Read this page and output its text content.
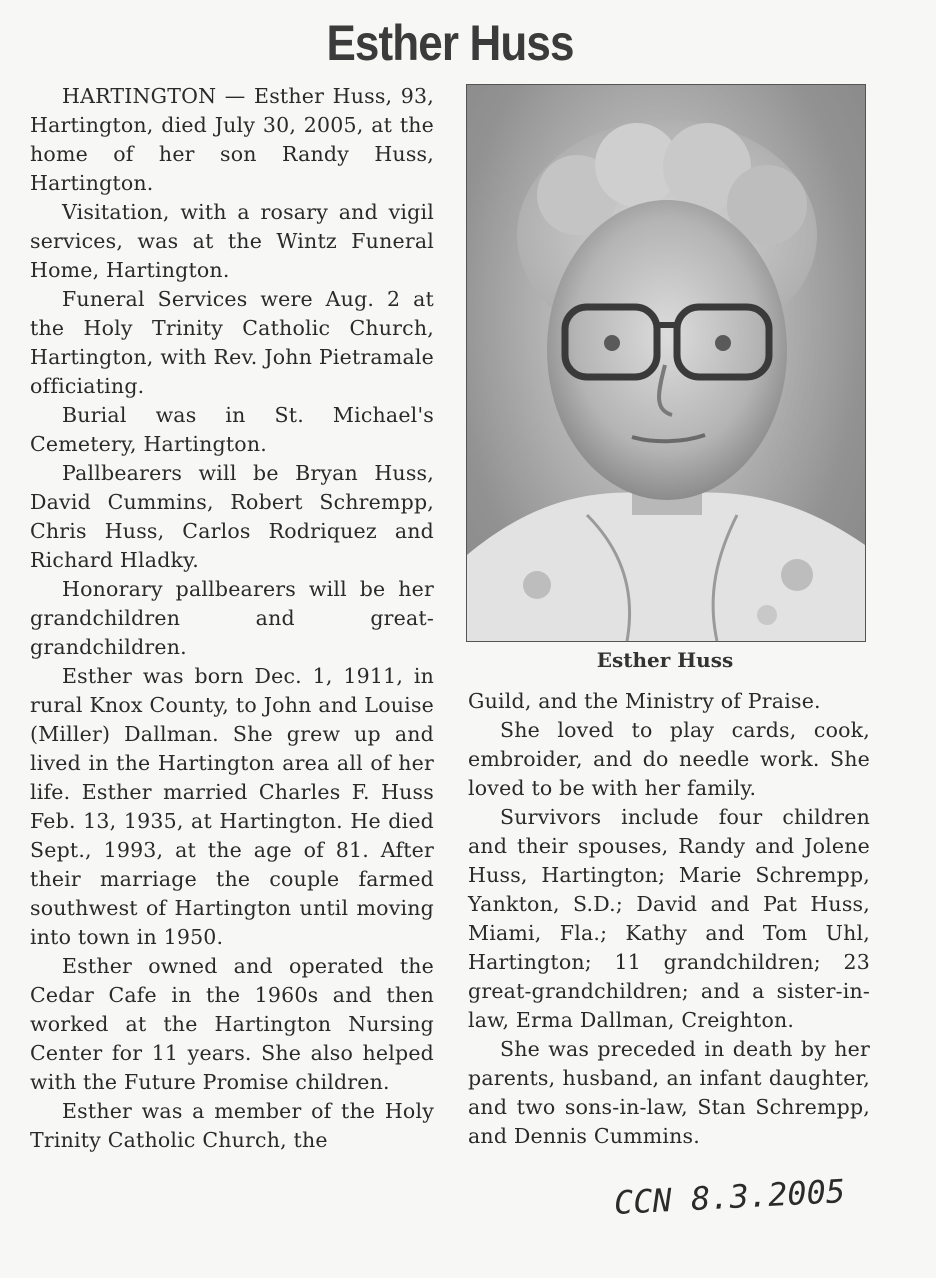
Esther Huss

HARTINGTON — Esther Huss, 93, Hartington, died July 30, 2005, at the home of her son Randy Huss, Hartington.

Visitation, with a rosary and vigil services, was at the Wintz Funeral Home, Hartington.

Funeral Services were Aug. 2 at the Holy Trinity Catholic Church, Hartington, with Rev. John Pietramale officiating.

Burial was in St. Michael's Cemetery, Hartington.

Pallbearers will be Bryan Huss, David Cummins, Robert Schrempp, Chris Huss, Carlos Rodriquez and Richard Hladky.

Honorary pallbearers will be her grandchildren and great-grandchildren.

Esther was born Dec. 1, 1911, in rural Knox County, to John and Louise (Miller) Dallman. She grew up and lived in the Hartington area all of her life. Esther married Charles F. Huss Feb. 13, 1935, at Hartington. He died Sept., 1993, at the age of 81. After their marriage the couple farmed southwest of Hartington until moving into town in 1950.

Esther owned and operated the Cedar Cafe in the 1960s and then worked at the Hartington Nursing Center for 11 years. She also helped with the Future Promise children.

Esther was a member of the Holy Trinity Catholic Church, the

Esther Huss

Guild, and the Ministry of Praise.

She loved to play cards, cook, embroider, and do needle work. She loved to be with her family.

Survivors include four children and their spouses, Randy and Jolene Huss, Hartington; Marie Schrempp, Yankton, S.D.; David and Pat Huss, Miami, Fla.; Kathy and Tom Uhl, Hartington; 11 grandchildren; 23 great-grandchildren; and a sister-in-law, Erma Dallman, Creighton.

She was preceded in death by her parents, husband, an infant daughter, and two sons-in-law, Stan Schrempp, and Dennis Cummins.

CCN 8.3.2005
